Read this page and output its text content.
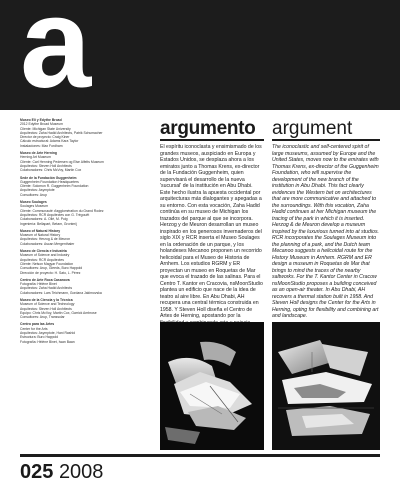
a
Museo Eli y Edythe Broad
2012 Edythe Broad Museum
Cliente: Michigan State University
Arquitectos: Zaha Hadid Architects, Patrik Schumacher
Director de proyecto: Craig Kiner
Cálculo estructural: Adams Kara Taylor
Instalaciones: Max Fordham
Museo de Arte Herning
Herning Art Museum
Cliente: Carl Henning Pedersen og Else Alfelts Museum
Arquitectos: Steven Holl Architects
Colaboradores: Chris McVoy, Martin Cox
Sede de la Fundación Guggenheim
Guggenheim Foundation Headquarters
Cliente: Solomon R. Guggenheim Foundation
Arquitectos: Asymptote
Consultores: Arup
Museo Soulages
Soulages Museum
Cliente: Communauté d'agglomération du Grand Rodez
Arquitectos: RCR Arquitectes con G. Trégouët
Colaboradores: A. Ollé, M. Puig
Ingeniería: Bellapart, Betam, Grontmij
Museo of Natural History
Museum of Natural History
Arquitectos: Herzog & de Meuron
Colaboradores: Ascan Mergenthaler
Museo de Ciencia e Industria
Museum of Science and Industry
Arquitectos: RCR Arquitectes
Cliente: Nelson Magyar Foundation
Consultores: Arup, Gleeds, Buro Happold
Dirección de proyecto: H. Sato, L. Pérez
Centro de Arte Roca Casanova
Fotografía: Hélène Binet
Arquitectos: Zaha Hadid Architects
Colaboradores: Lars Teichmann, Gordana Jakimovska
Museo de la Ciencia y la Técnica
Museum of Science and Technology
Arquitectos: Steven Holl Architects
Equipo: Chris McVoy, Martin Cox, Garrick Ambrose
Consultores: Arup, Transsolar
Centro para las Artes
Center for the Arts
Arquitectos: Asymptote, Hani Rashid
Estructura: Buro Happold
Fotografía: Hélène Binet, Iwan Baan
argumento argument

El espíritu iconoclasta y ensimismado de los grandes museos, auspiciado en Europa y Estados Unidos, se desplaza ahora a los emiratos junto a Thomas Krens, ex-director de la Fundación Guggenheim, quien supervisará el desarrollo de la nueva 'sucursal' de la institución en Abu Dhabi. Este hecho ilustra la apuesta occidental por arquitecturas más dialogantes y apegadas a su entorno. Con esta vocación, Zaha Hadid continúa en su museo de Michigan los trazados del parque al que se incorpora. Herzog y de Meuron desarrollan un museo inspirado en los generosos invernaderos del siglo XIX y RCR inserta el Museo Soulages en la ordenación de un parque, y los holandeses Mecanoo proponen un recorrido helicoidal para el Museo de Historia de Arnhem. Los estudios RGRM y ER proyectan un museo en Roquetas de Mar que evoca el trazado de las salinas. Para el Centro T. Kantor en Cracovia, nsMoonStudio plantea un edificio que nace de la idea de teatro al aire libre. En Abu Dhabi, AH recupera una central térmica construida en 1958. Y Steven Holl diseña el Centro de Artes de Herning, apostando por la

The iconoclastic and self-centered spirit of large museums, assumed by Europe and the United States, moves now to the emirates with Thomas Krens, ex-director of the Guggenheim Foundation, who will supervise the development of the new branch of the institution in Abu Dhabi. This fact clearly evidences the Western bet on architectures that are more communicative and attached to the surroundings. With this vocation, Zaha Hadid continues at her Michigan museum the tracing of the park in which it is inserted. Herzog & de Meuron develop a museum inspired by the luxurious turned into at studios. RCR incorporates the Soulages Museum into the planning of a park, and the Dutch team Mecanoo suggests a helicoidal route for the History Museum in Arnhem. RGRM and ER design a museum in Roquetas de Mar that brings to mind the traces of the nearby saltworks. For the T. Kantor Center in Cracow nsMoonStudio proposes a building conceived as an open-air theater. In Abu Dhabi, AH recovers a thermal station built in 1958. And Steven Holl designs the Center for the Arts in Herning, opting for flexibility and combining art and landscape.

025 2008
